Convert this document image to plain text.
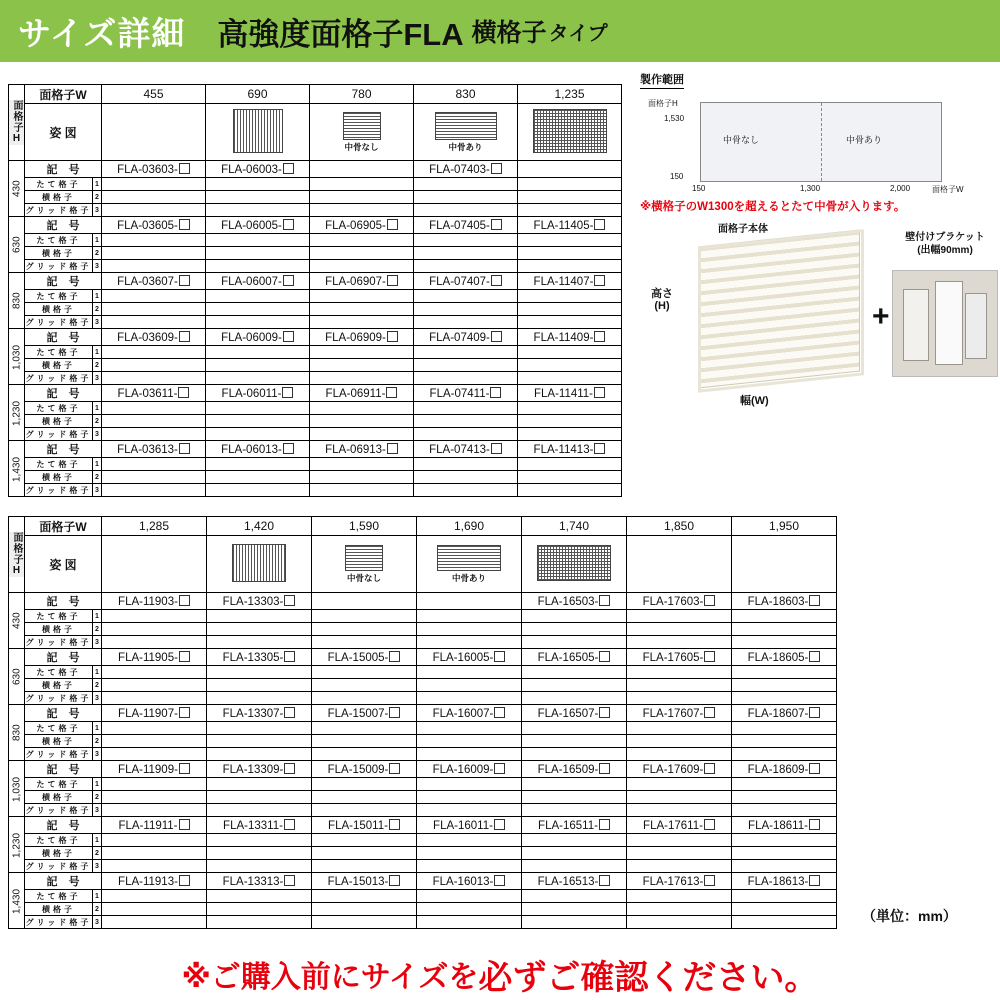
サイズ詳細 高強度面格子FLA 横格子 タイプ
面格子H	面格子W		455	690	780	830	1,235
	姿 図				中骨なし	中骨あり	

430	記　号		FLA-03603-	FLA-06003-		FLA-07403-	
	たて格子	1					
	横格子	2					
	グリッド格子	3					
630	記　号		FLA-03605-	FLA-06005-	FLA-06905-	FLA-07405-	FLA-11405-
	たて格子	1					
	横格子	2					
	グリッド格子	3					
830	記　号		FLA-03607-	FLA-06007-	FLA-06907-	FLA-07407-	FLA-11407-
	たて格子	1					
	横格子	2					
	グリッド格子	3					
1,030	記　号		FLA-03609-	FLA-06009-	FLA-06909-	FLA-07409-	FLA-11409-
	たて格子	1					
	横格子	2					
	グリッド格子	3					
1,230	記　号		FLA-03611-	FLA-06011-	FLA-06911-	FLA-07411-	FLA-11411-
	たて格子	1					
	横格子	2					
	グリッド格子	3					
1,430	記　号		FLA-03613-	FLA-06013-	FLA-06913-	FLA-07413-	FLA-11413-
	たて格子	1					
	横格子	2					
	グリッド格子	3					
製作範囲
面格子H
1,530
150
中骨なし	中骨あり
150	1,300	2,000	面格子W
※横格子のW1300を超えるとたて中骨が入ります。
面格子本体
高さ
(H)
幅(W)
+
壁付けブラケット
(出幅90mm)
面格子H	面格子W		1,285	1,420	1,590	1,690	1,740	1,850	1,950
	姿 図				中骨なし	中骨あり			

430	記　号		FLA-11903-	FLA-13303-			FLA-16503-	FLA-17603-	FLA-18603-
	たて格子	1							
	横格子	2							
	グリッド格子	3							
630	記　号		FLA-11905-	FLA-13305-	FLA-15005-	FLA-16005-	FLA-16505-	FLA-17605-	FLA-18605-
	たて格子	1							
	横格子	2							
	グリッド格子	3							
830	記　号		FLA-11907-	FLA-13307-	FLA-15007-	FLA-16007-	FLA-16507-	FLA-17607-	FLA-18607-
	たて格子	1							
	横格子	2							
	グリッド格子	3							
1,030	記　号		FLA-11909-	FLA-13309-	FLA-15009-	FLA-16009-	FLA-16509-	FLA-17609-	FLA-18609-
	たて格子	1							
	横格子	2							
	グリッド格子	3							
1,230	記　号		FLA-11911-	FLA-13311-	FLA-15011-	FLA-16011-	FLA-16511-	FLA-17611-	FLA-18611-
	たて格子	1							
	横格子	2							
	グリッド格子	3							
1,430	記　号		FLA-11913-	FLA-13313-	FLA-15013-	FLA-16013-	FLA-16513-	FLA-17613-	FLA-18613-
	たて格子	1							
	横格子	2							
	グリッド格子	3								（単位：mm）
※ご購入前にサイズを 必ずご確認ください。
